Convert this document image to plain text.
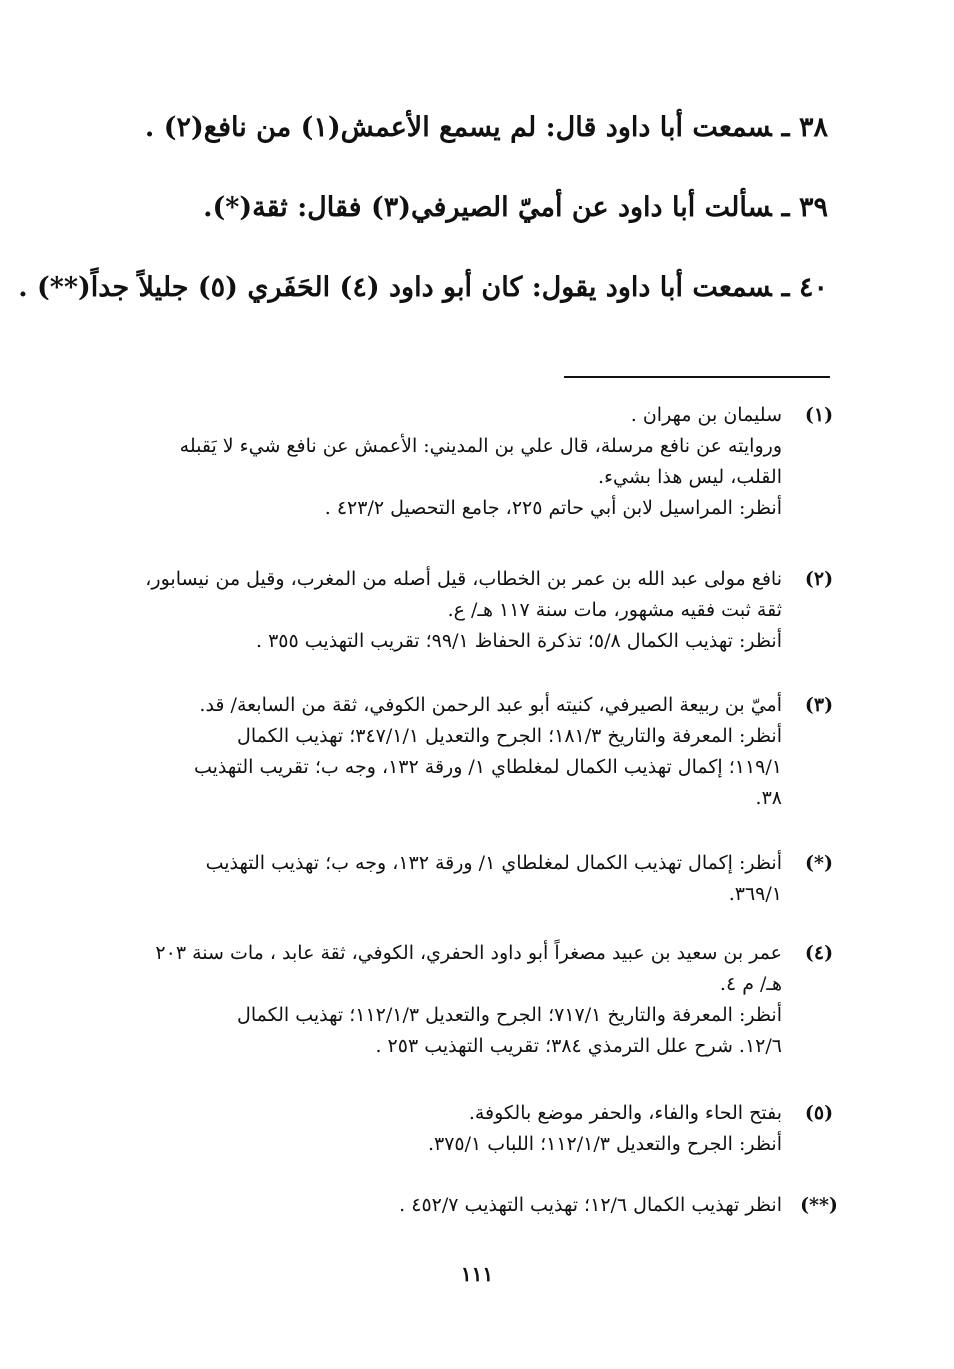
٣٨ ـسمعت أبا داود قال: لم يسمع الأعمش(١) من نافع(٢) .
٣٩ ـسألت أبا داود عن أميّ الصيرفي(٣) فقال: ثقة(*).
٤٠ ـسمعت أبا داود يقول: كان أبو داود (٤) الحَفَري (٥) جليلاً جداً(**) .
(١)
سليمان بن مهران .
وروايته عن نافع مرسلة، قال علي بن المديني: الأعمش عن نافع شيء لا يَقبله
القلب، ليس هذا بشيء.
أنظر: المراسيل لابن أبي حاتم ٢٢٥، جامع التحصيل ٤٢٣/٢ .
(٢)
نافع مولى عبد الله بن عمر بن الخطاب، قيل أصله من المغرب، وقيل من نيسابور،
ثقة ثبت فقيه مشهور، مات سنة ١١٧ هـ/ ع.
أنظر: تهذيب الكمال ٥/٨؛ تذكرة الحفاظ ٩٩/١؛ تقريب التهذيب ٣٥٥ .
(٣)
أميّ بن ربيعة الصيرفي، كنيته أبو عبد الرحمن الكوفي، ثقة من السابعة/ قد.
أنظر: المعرفة والتاريخ ١٨١/٣؛ الجرح والتعديل ٣٤٧/١/١؛ تهذيب الكمال
١١٩/١؛ إكمال تهذيب الكمال لمغلطاي ١/ ورقة ١٣٢، وجه ب؛ تقريب التهذيب
٣٨.
(*)
أنظر: إكمال تهذيب الكمال لمغلطاي ١/ ورقة ١٣٢، وجه ب؛ تهذيب التهذيب
٣٦٩/١.
(٤)
عمر بن سعيد بن عبيد مصغراً أبو داود الحفري، الكوفي، ثقة عابد ، مات سنة ٢٠٣
هـ/ م ٤.
أنظر: المعرفة والتاريخ ٧١٧/١؛ الجرح والتعديل ١١٢/١/٣؛ تهذيب الكمال
١٢/٦. شرح علل الترمذي ٣٨٤؛ تقريب التهذيب ٢٥٣ .
(٥)
بفتح الحاء والفاء، والحفر موضع بالكوفة.
أنظر: الجرح والتعديل ١١٢/١/٣؛ اللباب ٣٧٥/١.
(**)
انظر تهذيب الكمال ١٢/٦؛ تهذيب التهذيب ٤٥٢/٧ .
١١١
